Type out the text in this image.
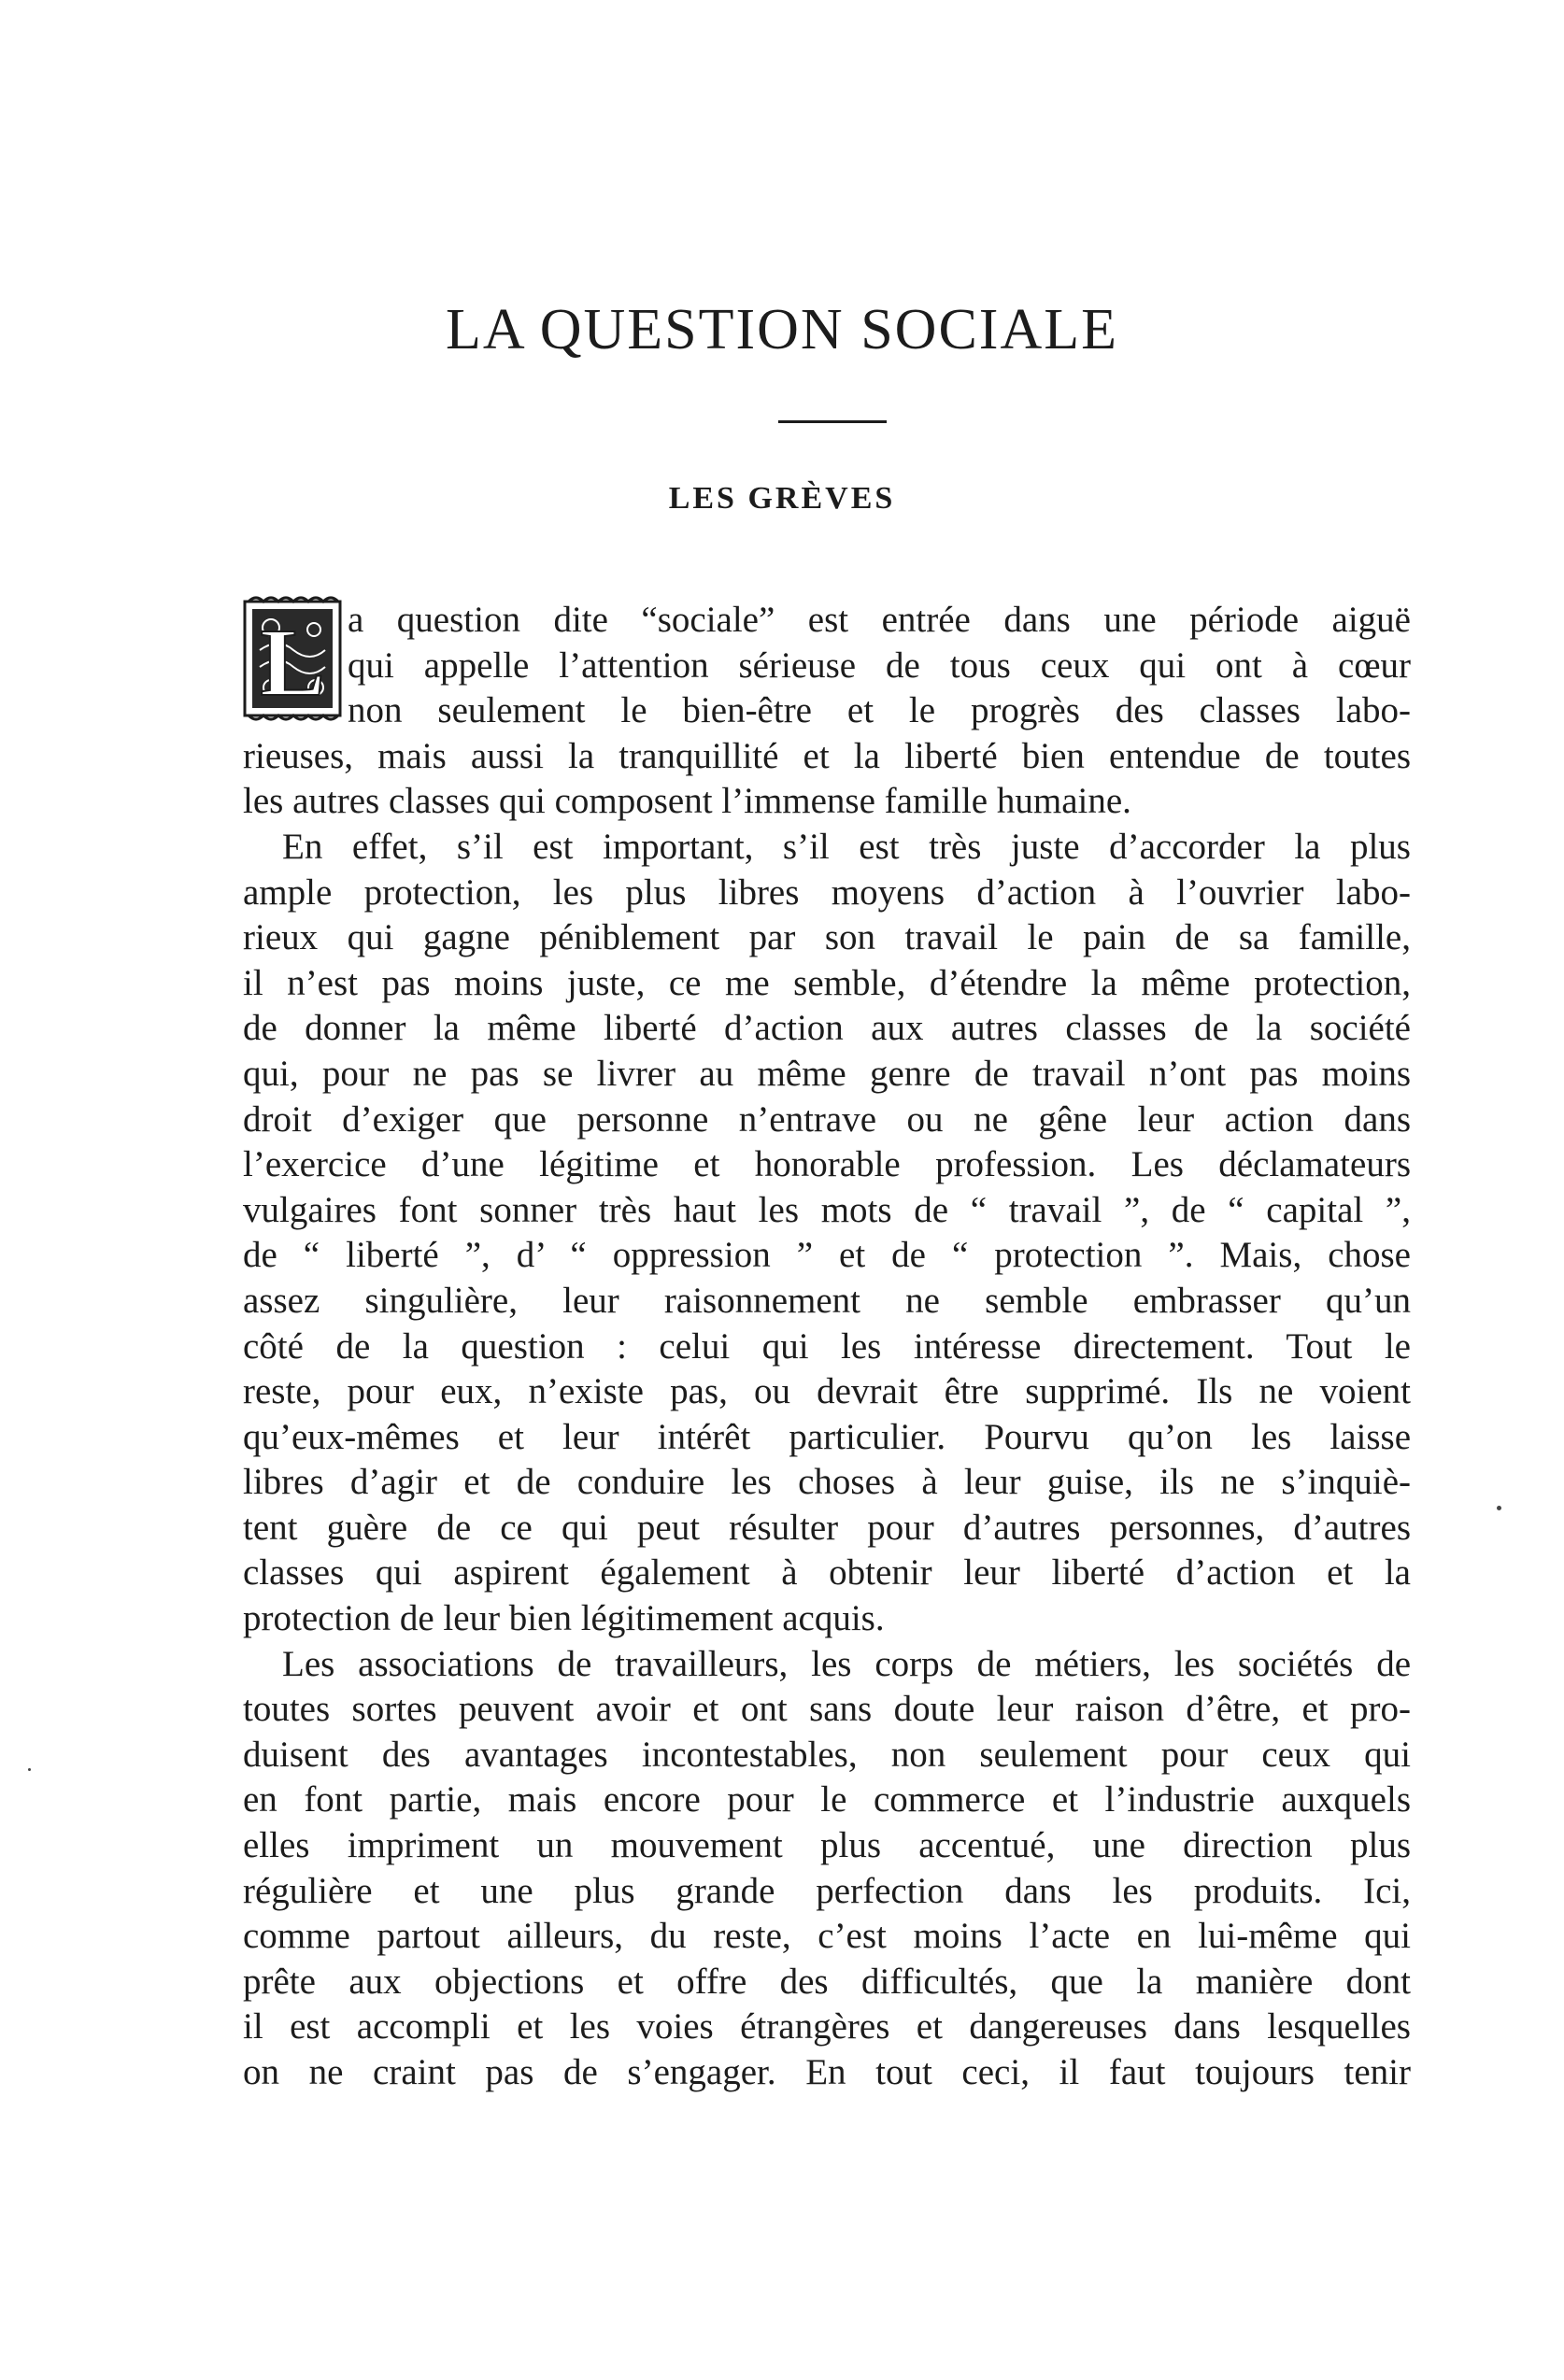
LA QUESTION SOCIALE
LES GRÈVES
L a question dite “sociale” est entrée dans une période aiguë
qui appelle l’attention sérieuse de tous ceux qui ont à cœur
non seulement le bien-être et le progrès des classes labo-
rieuses, mais aussi la tranquillité et la liberté bien entendue de toutes
les autres classes qui composent l’immense famille humaine.
En effet, s’il est important, s’il est très juste d’accorder la plus
ample protection, les plus libres moyens d’action à l’ouvrier labo-
rieux qui gagne péniblement par son travail le pain de sa famille,
il n’est pas moins juste, ce me semble, d’étendre la même protection,
de donner la même liberté d’action aux autres classes de la société
qui, pour ne pas se livrer au même genre de travail n’ont pas moins
droit d’exiger que personne n’entrave ou ne gêne leur action dans
l’exercice d’une légitime et honorable profession. Les déclamateurs
vulgaires font sonner très haut les mots de “ travail ”, de “ capital ”,
de “ liberté ”, d’ “ oppression ” et de “ protection ”. Mais, chose
assez singulière, leur raisonnement ne semble embrasser qu’un
côté de la question : celui qui les intéresse directement. Tout le
reste, pour eux, n’existe pas, ou devrait être supprimé. Ils ne voient
qu’eux-mêmes et leur intérêt particulier. Pourvu qu’on les laisse
libres d’agir et de conduire les choses à leur guise, ils ne s’inquiè-
tent guère de ce qui peut résulter pour d’autres personnes, d’autres
classes qui aspirent également à obtenir leur liberté d’action et la
protection de leur bien légitimement acquis.
Les associations de travailleurs, les corps de métiers, les sociétés de
toutes sortes peuvent avoir et ont sans doute leur raison d’être, et pro-
duisent des avantages incontestables, non seulement pour ceux qui
en font partie, mais encore pour le commerce et l’industrie auxquels
elles impriment un mouvement plus accentué, une direction plus
régulière et une plus grande perfection dans les produits. Ici,
comme partout ailleurs, du reste, c’est moins l’acte en lui-même qui
prête aux objections et offre des difficultés, que la manière dont
il est accompli et les voies étrangères et dangereuses dans lesquelles
on ne craint pas de s’engager. En tout ceci, il faut toujours tenir
